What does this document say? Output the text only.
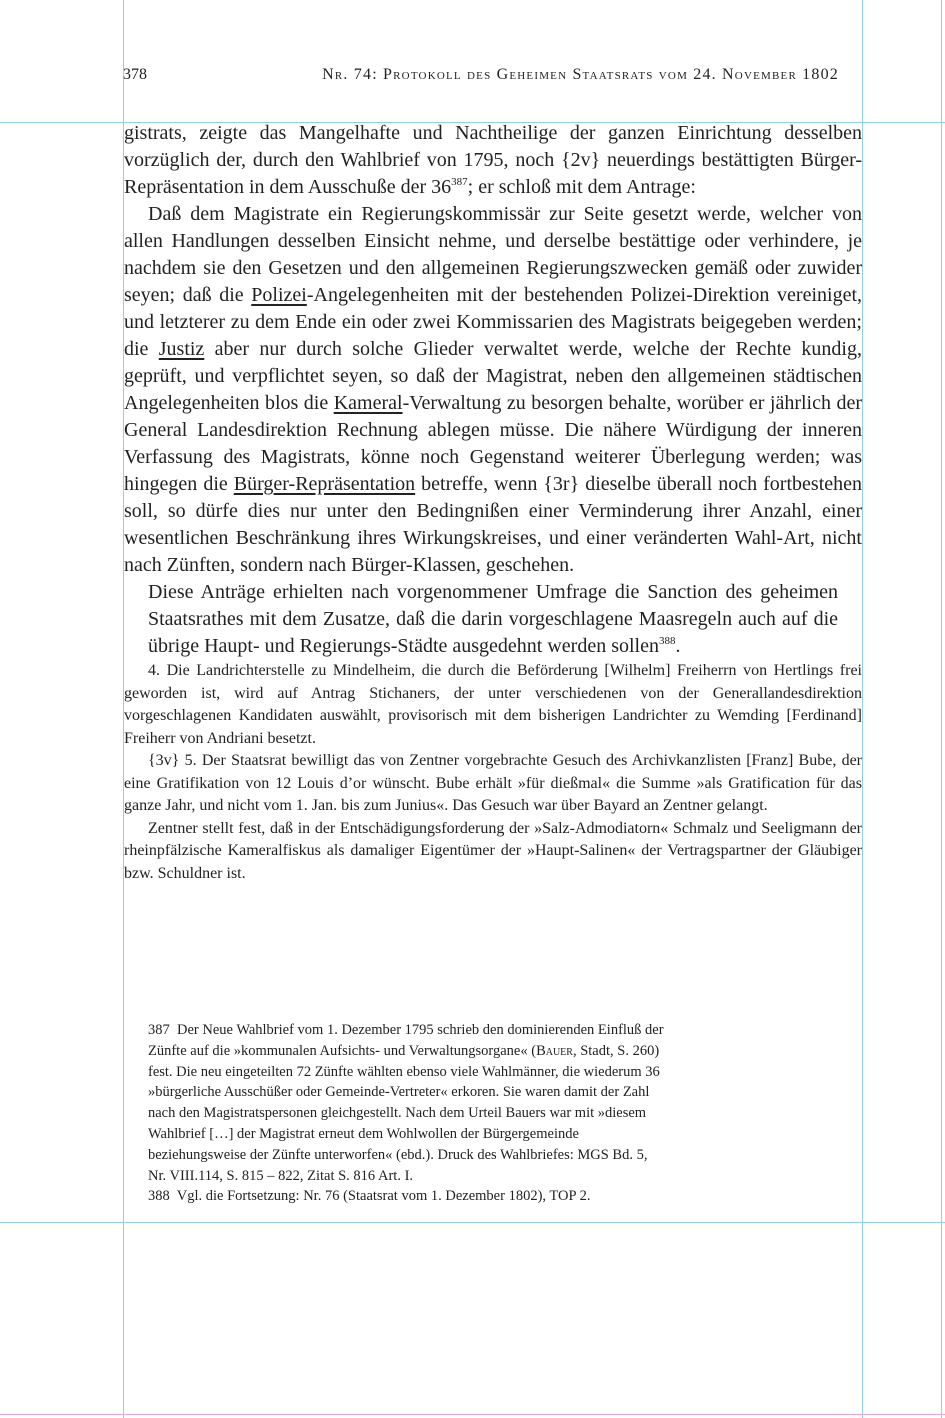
378	Nr. 74: Protokoll des Geheimen Staatsrats vom 24. November 1802

gistrats, zeigte das Mangelhafte und Nachtheilige der ganzen Einrichtung desselben vorzüglich der, durch den Wahlbrief von 1795, noch {2v} neuerdings bestättigten Bürger-Repräsentation in dem Ausschuße der $36^{387}$; er schloß mit dem Antrage:

Daß dem Magistrate ein Regierungskommissär zur Seite gesetzt werde, welcher von allen Handlungen desselben Einsicht nehme, und derselbe bestättige oder verhindere, je nachdem sie den Gesetzen und den allgemeinen Regierungszwecken gemäß oder zuwider seyen; daß die Polizei-Angelegenheiten mit der bestehenden Polizei-Direktion vereiniget, und letzterer zu dem Ende ein oder zwei Kommissarien des Magistrats beigegeben werden; die Justiz aber nur durch solche Glieder verwaltet werde, welche der Rechte kundig, geprüft, und verpflichtet seyen, so daß der Magistrat, neben den allgemeinen städtischen Angelegenheiten blos die Kameral-Verwaltung zu besorgen behalte, worüber er jährlich der General Landesdirektion Rechnung ablegen müsse. Die nähere Würdigung der inneren Verfassung des Magistrats, könne noch Gegenstand weiterer Überlegung werden; was hingegen die Bürger-Repräsentation betreffe, wenn {3r} dieselbe überall noch fortbestehen soll, so dürfe dies nur unter den Bedingnißen einer Verminderung ihrer Anzahl, einer wesentlichen Beschränkung ihres Wirkungskreises, und einer veränderten Wahl-Art, nicht nach Zünften, sondern nach Bürger-Klassen, geschehen.

Diese Anträge erhielten nach vorgenommener Umfrage die Sanction des geheimen Staatsrathes mit dem Zusatze, daß die darin vorgeschlagene Maasregeln auch auf die übrige Haupt- und Regierungs-Städte ausgedehnt werden sollen$^{388}$.

4. Die Landrichterstelle zu Mindelheim, die durch die Beförderung [Wilhelm] Freiherrn von Hertlings frei geworden ist, wird auf Antrag Stichaners, der unter verschiedenen von der Generallandesdirektion vorgeschlagenen Kandidaten auswählt, provisorisch mit dem bisherigen Landrichter zu Wemding [Ferdinand] Freiherr von Andriani besetzt.

{3v} 5. Der Staatsrat bewilligt das von Zentner vorgebrachte Gesuch des Archivkanzlisten [Franz] Bube, der eine Gratifikation von 12 Louis d’or wünscht. Bube erhält »für dießmal« die Summe »als Gratification für das ganze Jahr, und nicht vom 1. Jan. bis zum Junius«. Das Gesuch war über Bayard an Zentner gelangt.

Zentner stellt fest, daß in der Entschädigungsforderung der »Salz-Admodiatorn« Schmalz und Seeligmann der rheinpfälzische Kameralfiskus als damaliger Eigentümer der »Haupt-Salinen« der Vertragspartner der Gläubiger bzw. Schuldner ist.

387 Der Neue Wahlbrief vom 1. Dezember 1795 schrieb den dominierenden Einfluß der Zünfte auf die »kommunalen Aufsichts- und Verwaltungsorgane« (Bauer, Stadt, S. 260) fest. Die neu eingeteilten 72 Zünfte wählten ebenso viele Wahlmänner, die wiederum 36 »bürgerliche Ausschüßer oder Gemeinde-Vertreter« erkoren. Sie waren damit der Zahl nach den Magistratspersonen gleichgestellt. Nach dem Urteil Bauers war mit »diesem Wahlbrief […] der Magistrat erneut dem Wohlwollen der Bürgergemeinde beziehungsweise der Zünfte unterworfen« (ebd.). Druck des Wahlbriefes: MGS Bd. 5, Nr. VIII.114, S. 815 – 822, Zitat S. 816 Art. I.

388 Vgl. die Fortsetzung: Nr. 76 (Staatsrat vom 1. Dezember 1802), TOP 2.
